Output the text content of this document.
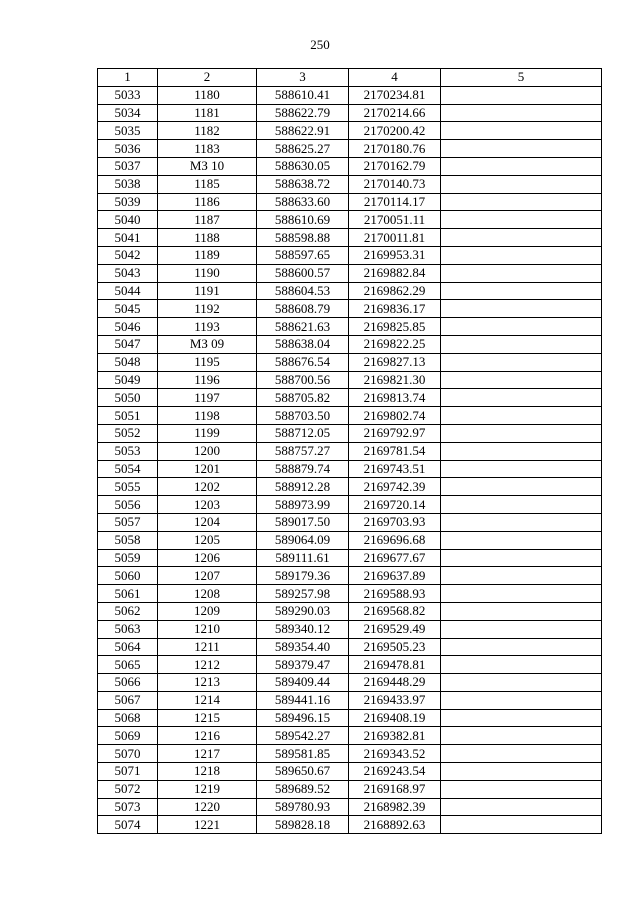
250
1	2	3	4	5
5033	1180	588610.41	2170234.81	
5034	1181	588622.79	2170214.66	
5035	1182	588622.91	2170200.42	
5036	1183	588625.27	2170180.76	
5037	МЗ 10	588630.05	2170162.79	
5038	1185	588638.72	2170140.73	
5039	1186	588633.60	2170114.17	
5040	1187	588610.69	2170051.11	
5041	1188	588598.88	2170011.81	
5042	1189	588597.65	2169953.31	
5043	1190	588600.57	2169882.84	
5044	1191	588604.53	2169862.29	
5045	1192	588608.79	2169836.17	
5046	1193	588621.63	2169825.85	
5047	МЗ 09	588638.04	2169822.25	
5048	1195	588676.54	2169827.13	
5049	1196	588700.56	2169821.30	
5050	1197	588705.82	2169813.74	
5051	1198	588703.50	2169802.74	
5052	1199	588712.05	2169792.97	
5053	1200	588757.27	2169781.54	
5054	1201	588879.74	2169743.51	
5055	1202	588912.28	2169742.39	
5056	1203	588973.99	2169720.14	
5057	1204	589017.50	2169703.93	
5058	1205	589064.09	2169696.68	
5059	1206	589111.61	2169677.67	
5060	1207	589179.36	2169637.89	
5061	1208	589257.98	2169588.93	
5062	1209	589290.03	2169568.82	
5063	1210	589340.12	2169529.49	
5064	1211	589354.40	2169505.23	
5065	1212	589379.47	2169478.81	
5066	1213	589409.44	2169448.29	
5067	1214	589441.16	2169433.97	
5068	1215	589496.15	2169408.19	
5069	1216	589542.27	2169382.81	
5070	1217	589581.85	2169343.52	
5071	1218	589650.67	2169243.54	
5072	1219	589689.52	2169168.97	
5073	1220	589780.93	2168982.39	
5074	1221	589828.18	2168892.63	
